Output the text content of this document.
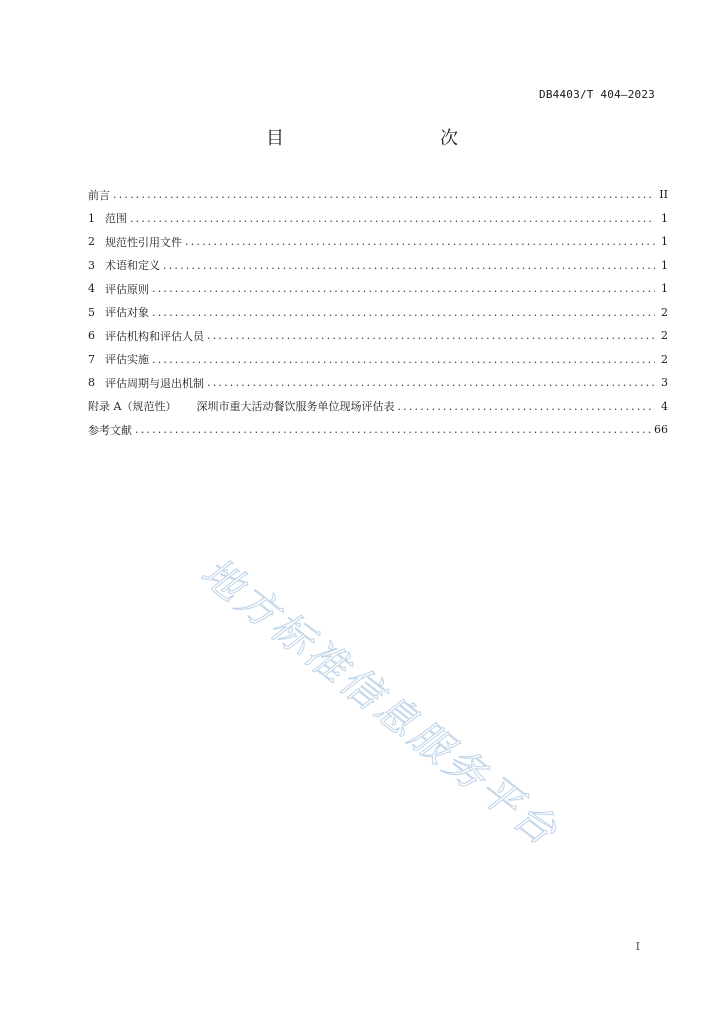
DB4403/T 404—2023
目　　次
前言 .....	II
1 范围 .....	1
2 规范性引用文件 .....	1
3 术语和定义 .....	1
4 评估原则 .....	1
5 评估对象 .....	2
6 评估机构和评估人员 .....	2
7 评估实施 .....	2
8 评估周期与退出机制 .....	3
附录 A（规范性） 深圳市重大活动餐饮服务单位现场评估表 .....	4
参考文献 .....	66
地方标准信息服务平台
I
